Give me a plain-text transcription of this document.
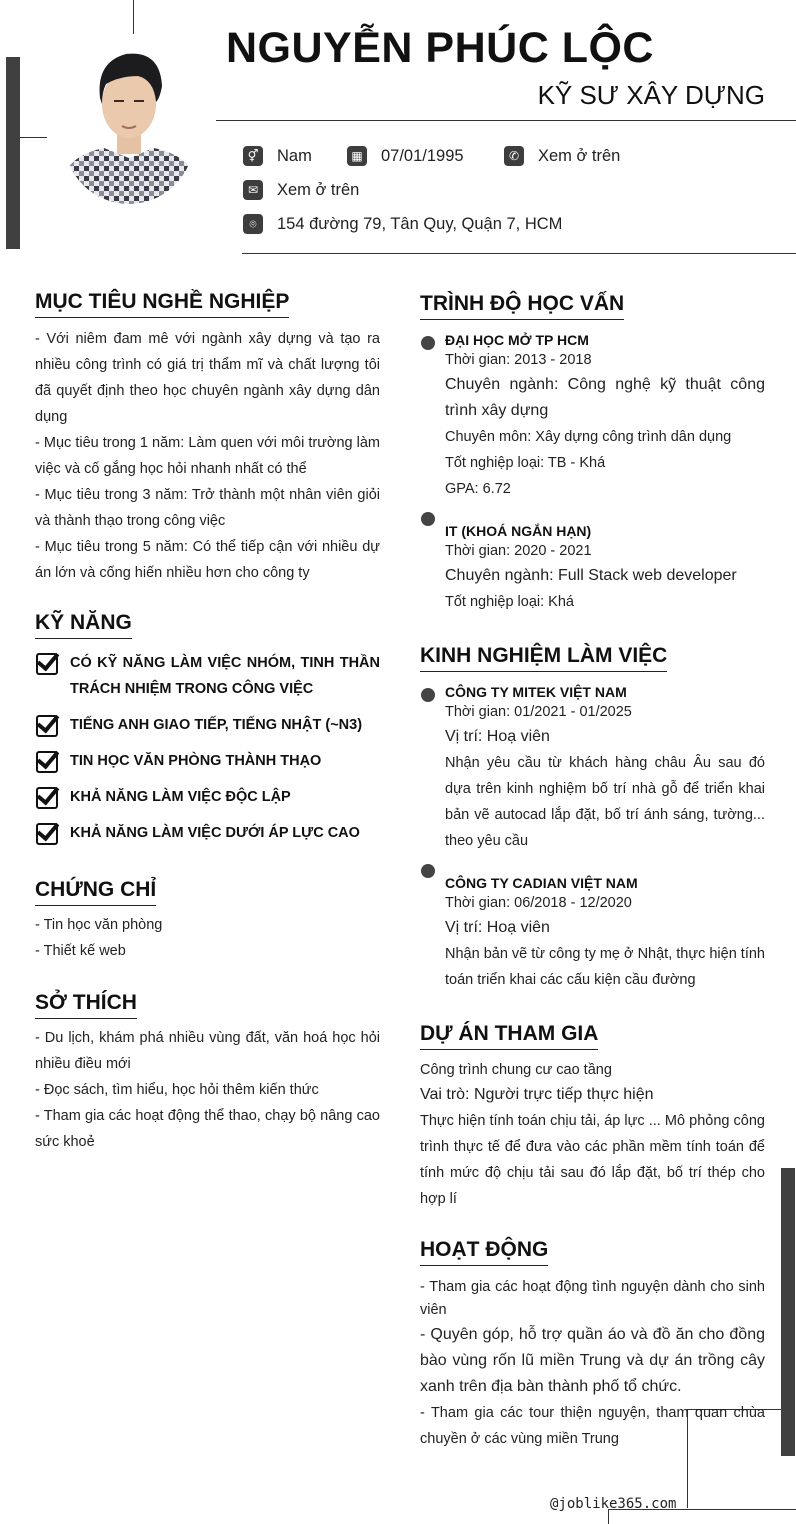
NGUYỄN PHÚC LỘC
KỸ SƯ XÂY DỰNG
⚥ Nam	▦ 07/01/1995	✆	Xem ở trên
✉	Xem ở trên
⌾	154 đường 79, Tân Quy, Quận 7, HCM
MỤC TIÊU NGHỀ NGHIỆP
- Với niêm đam mê với ngành xây dựng và tạo ra nhiều công trình có giá trị thẩm mĩ và chất lượng tôi đã quyết định theo học chuyên ngành xây dựng dân dụng
- Mục tiêu trong 1 năm: Làm quen với môi trường làm việc và cố gắng học hỏi nhanh nhất có thể
- Mục tiêu trong 3 năm: Trở thành một nhân viên giỏi và thành thạo trong công việc
- Mục tiêu trong 5 năm: Có thể tiếp cận với nhiều dự án lớn và cống hiến nhiều hơn cho công ty
KỸ NĂNG
CÓ KỸ NĂNG LÀM VIỆC NHÓM, TINH THẦN TRÁCH NHIỆM TRONG CÔNG VIỆC
TIẾNG ANH GIAO TIẾP, TIẾNG NHẬT (~N3)
TIN HỌC VĂN PHÒNG THÀNH THẠO
KHẢ NĂNG LÀM VIỆC ĐỘC LẬP
KHẢ NĂNG LÀM VIỆC DƯỚI ÁP LỰC CAO
CHỨNG CHỈ
- Tin học văn phòng
- Thiết kế web
SỞ THÍCH
- Du lịch, khám phá nhiều vùng đất, văn hoá học hỏi nhiều điều mới
- Đọc sách, tìm hiểu, học hỏi thêm kiến thức
- Tham gia các hoạt động thể thao, chạy bộ nâng cao sức khoẻ
TRÌNH ĐỘ HỌC VẤN
ĐẠI HỌC MỞ TP HCM
Thời gian: 2013 - 2018
Chuyên ngành: Công nghệ kỹ thuật công trình xây dựng
Chuyên môn: Xây dựng công trình dân dụng
Tốt nghiệp loại: TB - Khá
GPA: 6.72
IT (KHOÁ NGẮN HẠN)
Thời gian: 2020 - 2021
Chuyên ngành: Full Stack web developer
Tốt nghiệp loại: Khá
KINH NGHIỆM LÀM VIỆC
CÔNG TY MITEK VIỆT NAM
Thời gian: 01/2021 - 01/2025
Vị trí: Hoạ viên
Nhận yêu cầu từ khách hàng châu Âu sau đó dựa trên kinh nghiệm bố trí nhà gỗ để triển khai bản vẽ autocad lắp đặt, bố trí ánh sáng, tường... theo yêu cầu
CÔNG TY CADIAN VIỆT NAM
Thời gian: 06/2018 - 12/2020
Vị trí: Hoạ viên
Nhận bản vẽ từ công ty mẹ ở Nhật, thực hiện tính toán triển khai các cấu kiện cầu đường
DỰ ÁN THAM GIA
Công trình chung cư cao tầng
Vai trò: Người trực tiếp thực hiện
Thực hiện tính toán chịu tải, áp lực ... Mô phỏng công trình thực tế để đưa vào các phần mềm tính toán để tính mức độ chịu tải sau đó lắp đặt, bố trí thép cho hợp lí
HOẠT ĐỘNG
- Tham gia các hoạt động tình nguyện dành cho sinh viên
- Quyên góp, hỗ trợ quần áo và đồ ăn cho đồng bào vùng rốn lũ miền Trung và dự án trồng cây xanh trên địa bàn thành phố tổ chức.
- Tham gia các tour thiện nguyện, tham quan chùa chuyền ở các vùng miền Trung
@joblike365.com
